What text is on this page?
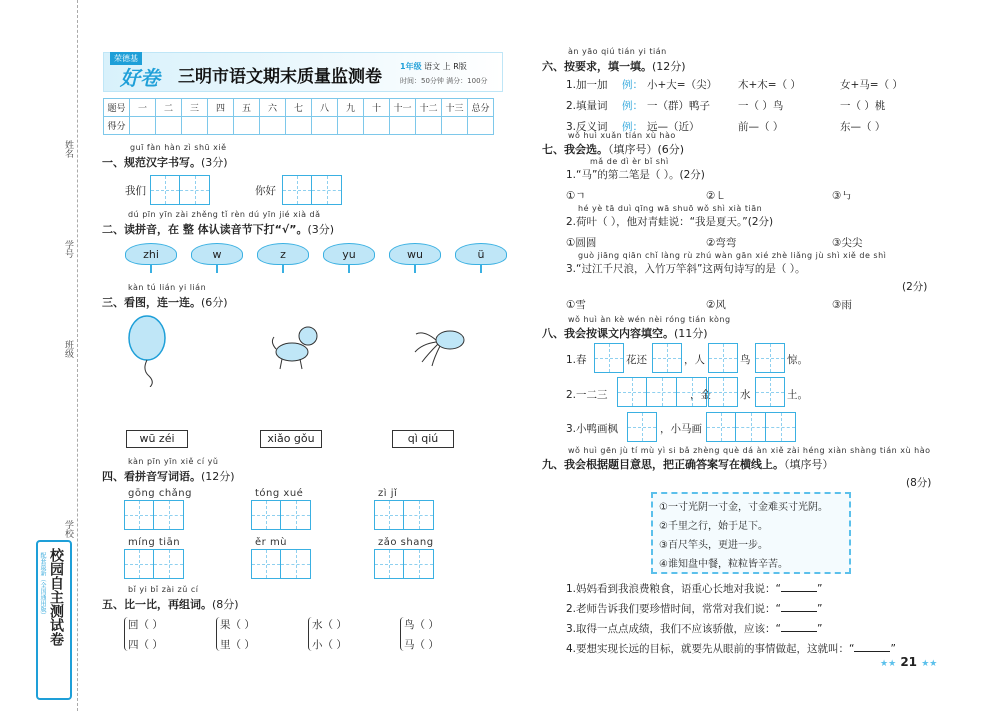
姓名
学号
班级
学校
校园自主测试卷
配套最新（全国通用版）
荣德基
好卷 三明市语文期末质量监测卷
1年级 语文 上 R版
时间：50分钟 满分：100分
题号	一	二	三	四	五	六	七	八	九	十	十一	十二	十三	总分
得分														
guī fàn hàn zì shū xiě
一、规范汉字书写。(3分)
我们	你好
dú pīn yīn zài zhěng tǐ rèn dú yīn jié xià dǎ
二、读拼音，在 整 体认读音节下打“√”。(3分)
zhi	w	z	yu	wu	ü
kàn tú lián yi lián
三、看图，连一连。(6分)
wū zéi	xiǎo gǒu	qì qiú
kàn pīn yīn xiě cí yǔ
四、看拼音写词语。(12分)
gōng chǎng	tóng xué	zì jǐ
míng tiān	ěr mù	zǎo shang
bǐ yi bǐ zài zǔ cí
五、比一比，再组词。(8分)
回（ ）	果（ ）	水（ ）	鸟（ ）
四（ ）	里（ ）	小（ ）	马（ ）
àn yāo qiú tián yi tián
六、按要求，填一填。(12分)
1.加一加 例： 小+大=（尖） 木+木=（ ）	女+马=（ ）
2.填量词 例： 一（群）鸭子	一（ ）鸟	一（ ）桃
3.反义词 例： 远—（近）	前—（ ）	东—（ ）
wǒ huì xuǎn tián xù hào
七、我会选。（填序号）(6分)
mǎ de dì èr bǐ shì
1.“马”的第二笔是（ ）。(2分)
①ㄱ	②㇄	③㇉
hé yè tā duì qīng wā shuō wǒ shì xià tiān
2.荷叶（ ），他对青蛙说：“我是夏天。”(2分)
①圆圆	②弯弯	③尖尖
guò jiāng qiān chǐ làng rù zhú wàn gān xié zhè liǎng jù shì xiě de shì
3.“过江千尺浪，入竹万竿斜”这两句诗写的是（ ）。
(2分)
①雪	②风	③雨
wǒ huì àn kè wén nèi róng tián kòng
八、我会按课文内容填空。(11分)
1.春	花还	，人	鸟	惊。
2.一二三	，金	水	土。
3.小鸭画枫	，小马画
wǒ huì gēn jù tí mù yì si bǎ zhèng què dá àn xiě zài héng xiàn shàng tián xù hào
九、我会根据题目意思，把正确答案写在横线上。（填序号）
(8分)
①一寸光阴一寸金，寸金难买寸光阴。
②千里之行，始于足下。
③百尺竿头，更进一步。
④谁知盘中餐，粒粒皆辛苦。
1.妈妈看到我浪费粮食，语重心长地对我说：“	”
2.老师告诉我们要珍惜时间，常常对我们说：“	”
3.取得一点点成绩，我们不应该骄傲，应该：“	”
4.要想实现长远的目标，就要先从眼前的事情做起，这就叫：“	”
★★ 21 ★★
